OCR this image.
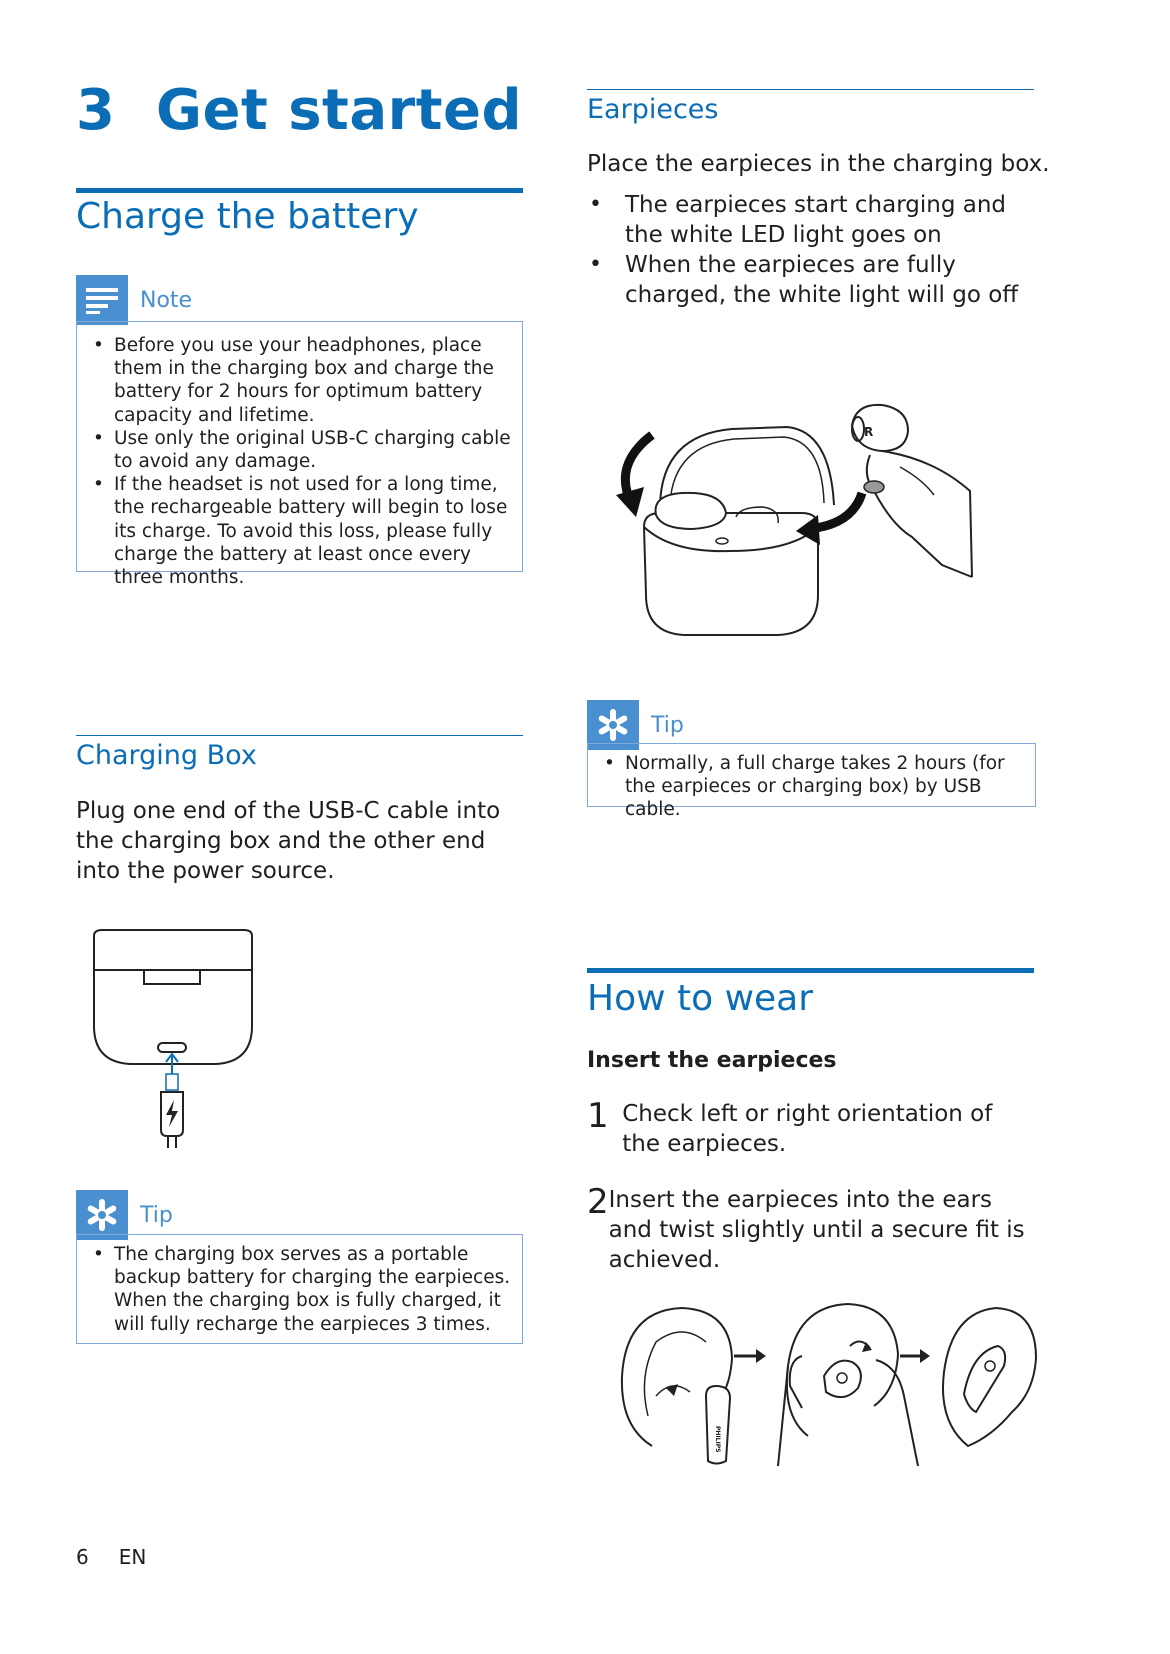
3 Get started
Charge the battery
Note
• Before you use your headphones, place them in the charging box and charge the battery for 2 hours for optimum battery capacity and lifetime.
• Use only the original USB-C charging cable to avoid any damage.
• If the headset is not used for a long time, the rechargeable battery will begin to lose its charge. To avoid this loss, please fully charge the battery at least once every three months.
Charging Box
Plug one end of the USB-C cable into the charging box and the other end into the power source.
Tip
• The charging box serves as a portable backup battery for charging the earpieces. When the charging box is fully charged, it will fully recharge the earpieces 3 times.
Earpieces
Place the earpieces in the charging box.
• The earpieces start charging and the white LED light goes on
• When the earpieces are fully charged, the white light will go off
R
Tip
• Normally, a full charge takes 2 hours (for the earpieces or charging box) by USB cable.
How to wear
Insert the earpieces
1 Check left or right orientation of the earpieces.
2 Insert the earpieces into the ears and twist slightly until a secure fit is achieved.
PHILIPS
6 EN
